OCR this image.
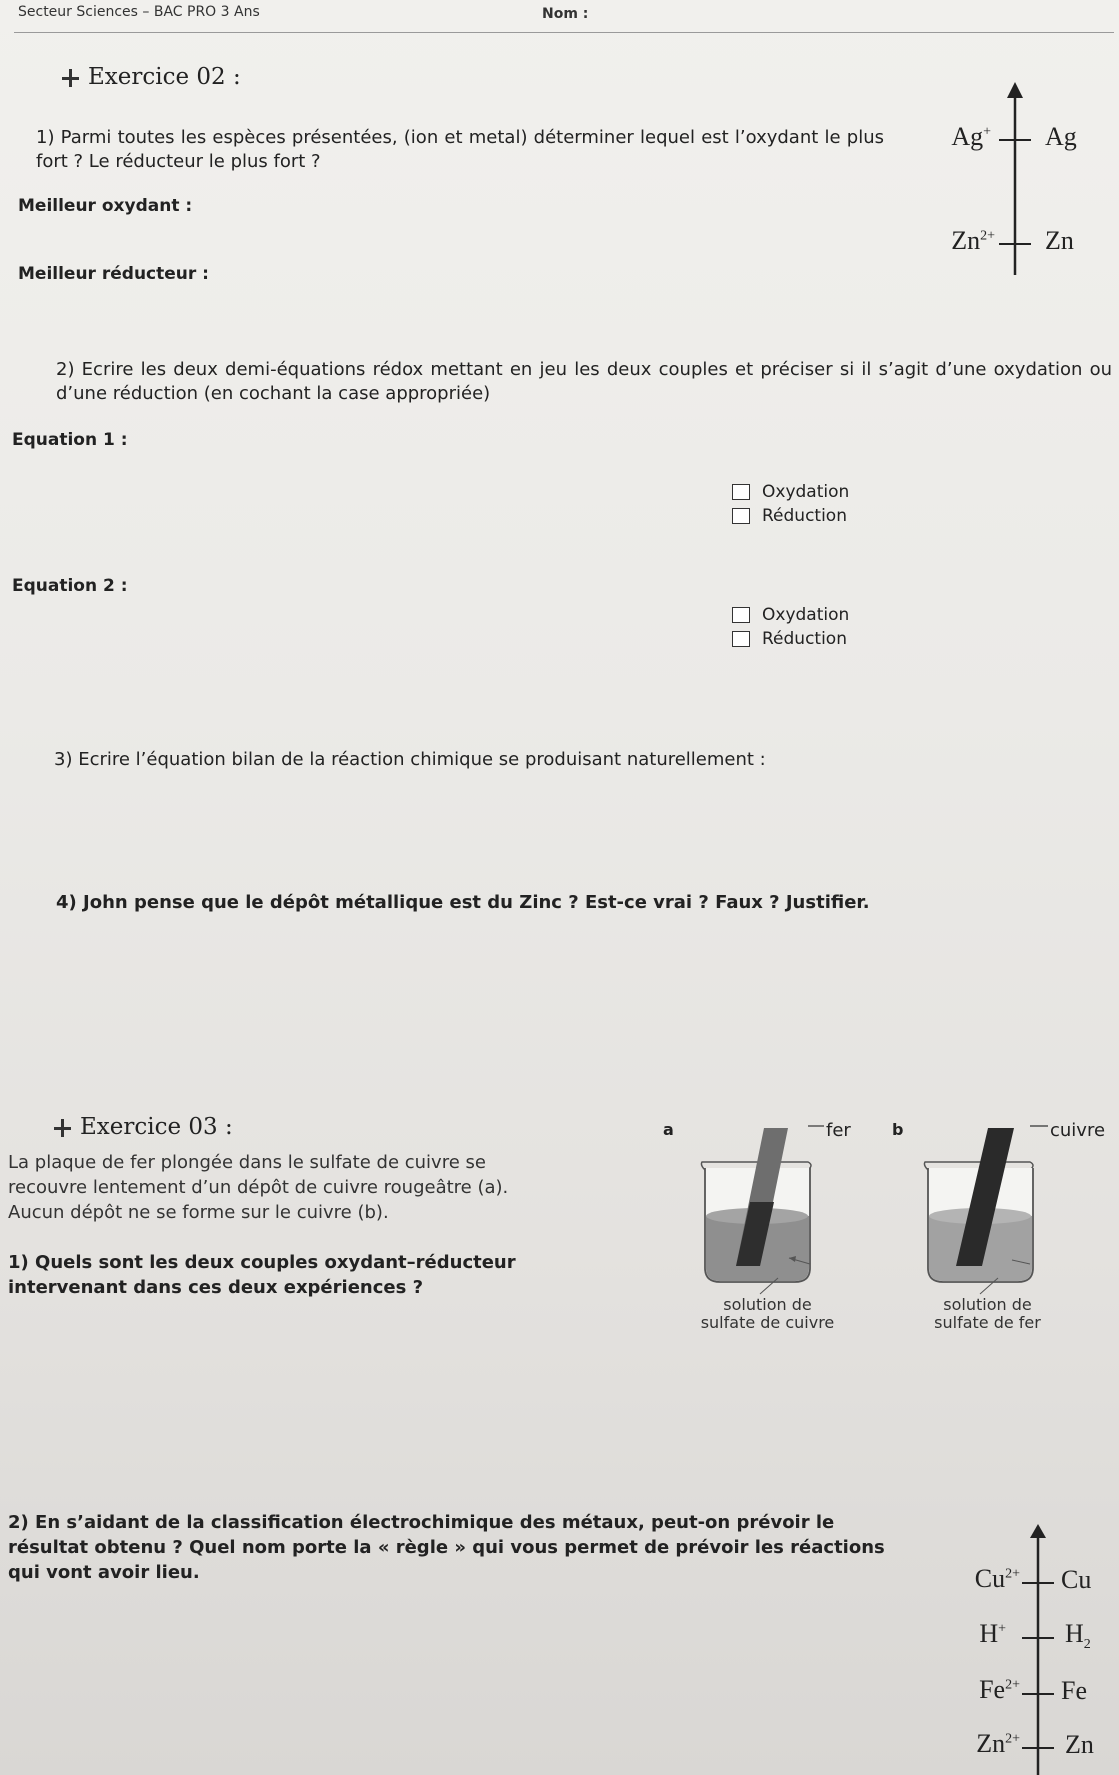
Secteur Sciences – BAC PRO 3 Ans	Nom :
Exercice 02 :
1) Parmi toutes les espèces présentées, (ion et metal) déterminer lequel est l’oxydant le plus fort ? Le réducteur le plus fort ?
Meilleur oxydant :
Meilleur réducteur :
Ag+ Ag
$Zn^{2+}$ Zn
2) Ecrire les deux demi-équations rédox mettant en jeu les deux couples et préciser si il s’agit d’une oxydation ou d’une réduction (en cochant la case appropriée)
Equation 1 :
Oxydation
Réduction
Equation 2 :
Oxydation
Réduction
3) Ecrire l’équation bilan de la réaction chimique se produisant naturellement :
4) John pense que le dépôt métallique est du Zinc ? Est-ce vrai ? Faux ? Justifier.
Exercice 03 :
La plaque de fer plongée dans le sulfate de cuivre se recouvre lentement d’un dépôt de cuivre rougeâtre (a). Aucun dépôt ne se forme sur le cuivre (b).
1) Quels sont les deux couples oxydant–réducteur intervenant dans ces deux expériences ?
a	fer
solution de
sulfate de cuivre
b	cuivre
solution de
sulfate de fer
2) En s’aidant de la classification électrochimique des métaux, peut-on prévoir le résultat obtenu ? Quel nom porte la « règle » qui vous permet de prévoir les réactions qui vont avoir lieu.	$Cu^{2+}$ Cu
H+ $H_2$
$Fe^{2+}$ Fe
$Zn^{2+}$ Zn
